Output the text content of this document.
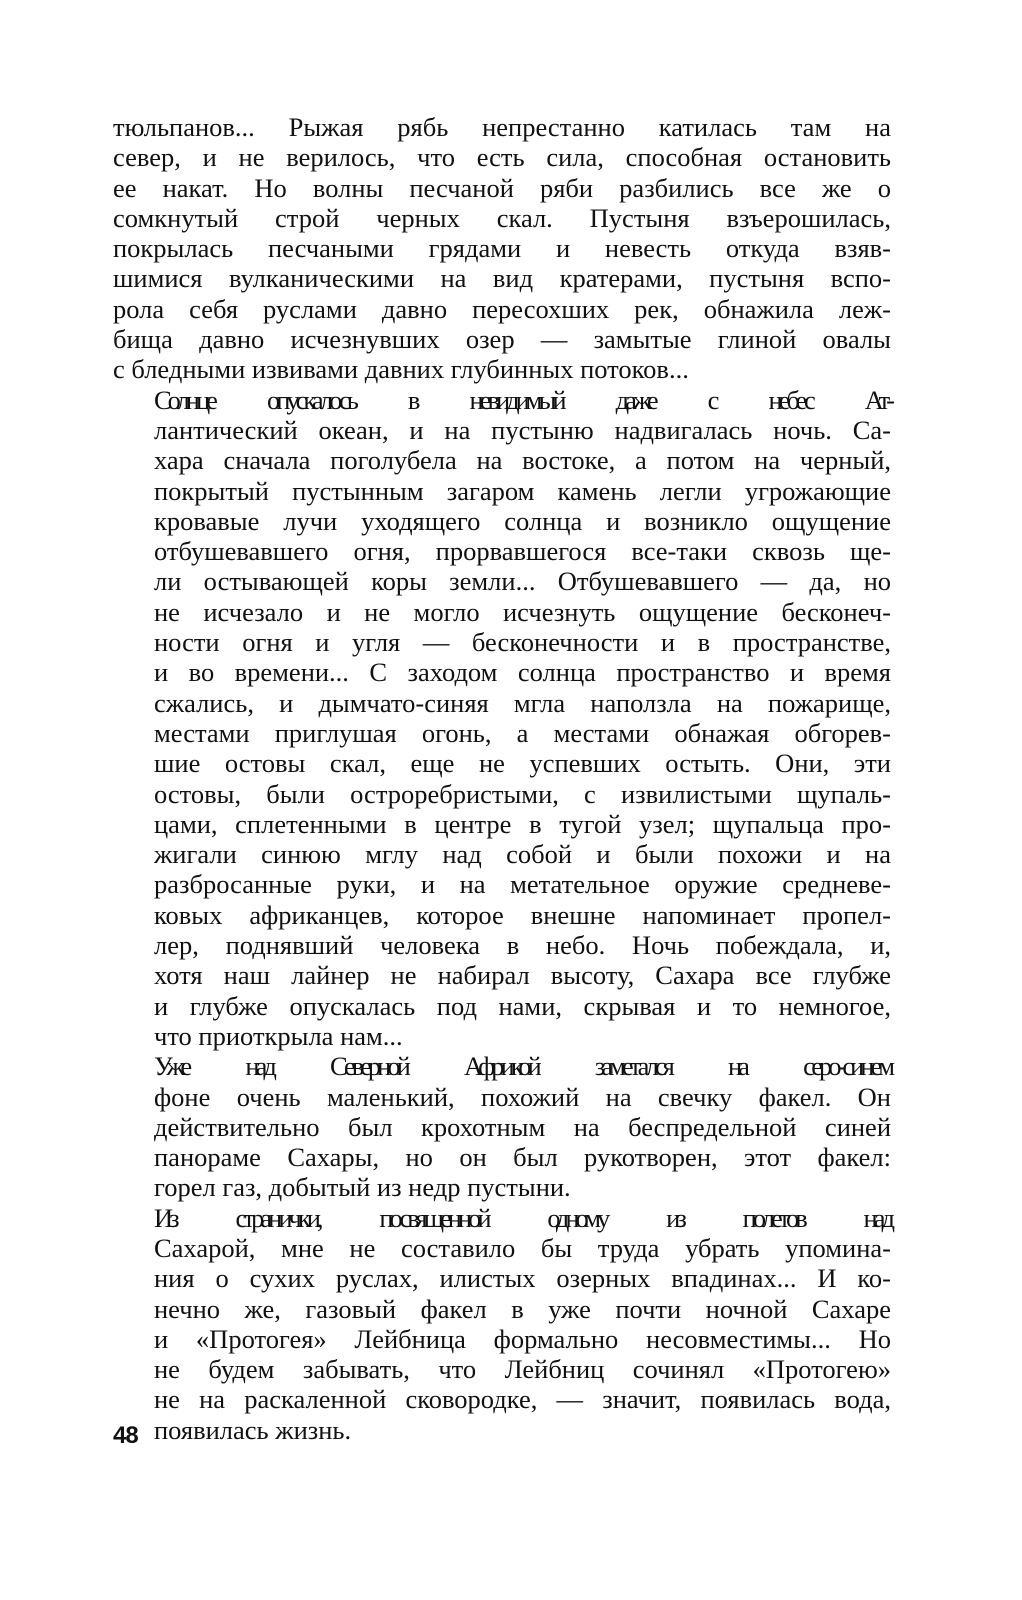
тюльпанов... Рыжая рябь непрестанно катилась там на
север, и не верилось, что есть сила, способная остановить
ее накат. Но волны песчаной ряби разбились все же о
сомкнутый строй черных скал. Пустыня взъерошилась,
покрылась песчаными грядами и невесть откуда взяв-
шимися вулканическими на вид кратерами, пустыня вспо-
рола себя руслами давно пересохших рек, обнажила леж-
бища давно исчезнувших озер — замытые глиной овалы
с бледными извивами давних глубинных потоков...

Солнце опускалось в невидимый даже с небес Ат-
лантический океан, и на пустыню надвигалась ночь. Са-
хара сначала поголубела на востоке, а потом на черный,
покрытый пустынным загаром камень легли угрожающие
кровавые лучи уходящего солнца и возникло ощущение
отбушевавшего огня, прорвавшегося все-таки сквозь ще-
ли остывающей коры земли... Отбушевавшего — да, но
не исчезало и не могло исчезнуть ощущение бесконеч-
ности огня и угля — бесконечности и в пространстве,
и во времени... С заходом солнца пространство и время
сжались, и дымчато-синяя мгла наползла на пожарище,
местами приглушая огонь, а местами обнажая обгорев-
шие остовы скал, еще не успевших остыть. Они, эти
остовы, были остроребристыми, с извилистыми щупаль-
цами, сплетенными в центре в тугой узел; щупальца про-
жигали синюю мглу над собой и были похожи и на
разбросанные руки, и на метательное оружие средневе-
ковых африканцев, которое внешне напоминает пропел-
лер, поднявший человека в небо. Ночь побеждала, и,
хотя наш лайнер не набирал высоту, Сахара все глубже
и глубже опускалась под нами, скрывая и то немногое,
что приоткрыла нам...

Уже над Северной Африкой заметался на серо-синем
фоне очень маленький, похожий на свечку факел. Он
действительно был крохотным на беспредельной синей
панораме Сахары, но он был рукотворен, этот факел:
горел газ, добытый из недр пустыни.

Из странички, посвященной одному из полетов над
Сахарой, мне не составило бы труда убрать упомина-
ния о сухих руслах, илистых озерных впадинах... И ко-
нечно же, газовый факел в уже почти ночной Сахаре
и «Протогея» Лейбница формально несовместимы... Но
не будем забывать, что Лейбниц сочинял «Протогею»
не на раскаленной сковородке, — значит, появилась вода,
появилась жизнь.

48
